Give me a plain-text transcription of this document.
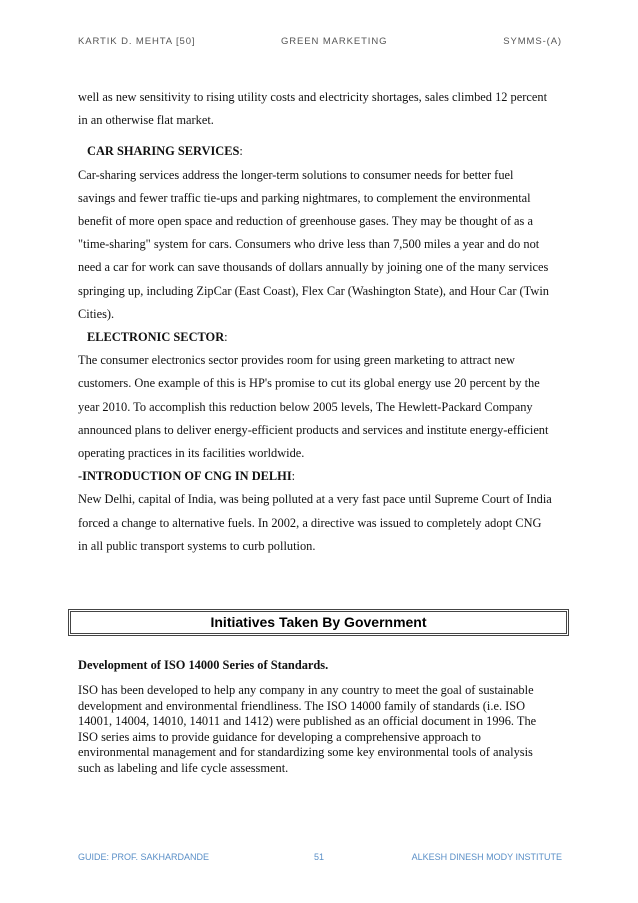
KARTIK D. MEHTA [50]	GREEN MARKETING	SYMMS-(A)

well as new sensitivity to rising utility costs and electricity shortages, sales climbed 12 percent

in an otherwise flat market.

CAR SHARING SERVICES:

Car-sharing services address the longer-term solutions to consumer needs for better fuel

savings and fewer traffic tie-ups and parking nightmares, to complement the environmental

benefit of more open space and reduction of greenhouse gases. They may be thought of as a

"time-sharing" system for cars. Consumers who drive less than 7,500 miles a year and do not

need a car for work can save thousands of dollars annually by joining one of the many services

springing up, including ZipCar (East Coast), Flex Car (Washington State), and Hour Car (Twin

Cities).

ELECTRONIC SECTOR:

The consumer electronics sector provides room for using green marketing to attract new

customers. One example of this is HP's promise to cut its global energy use 20 percent by the

year 2010. To accomplish this reduction below 2005 levels, The Hewlett-Packard Company

announced plans to deliver energy-efficient products and services and institute energy-efficient

operating practices in its facilities worldwide.

-INTRODUCTION OF CNG IN DELHI:

New Delhi, capital of India, was being polluted at a very fast pace until Supreme Court of India

forced a change to alternative fuels. In 2002, a directive was issued to completely adopt CNG

in all public transport systems to curb pollution.

Initiatives Taken By Government

Development of ISO 14000 Series of Standards.

ISO has been developed to help any company in any country to meet the goal of sustainable

development and environmental friendliness. The ISO 14000 family of standards (i.e. ISO

14001, 14004, 14010, 14011 and 1412) were published as an official document in 1996. The

ISO series aims to provide guidance for developing a comprehensive approach to

environmental management and for standardizing some key environmental tools of analysis

such as labeling and life cycle assessment.

GUIDE: PROF. SAKHARDANDE	51	ALKESH DINESH MODY INSTITUTE
